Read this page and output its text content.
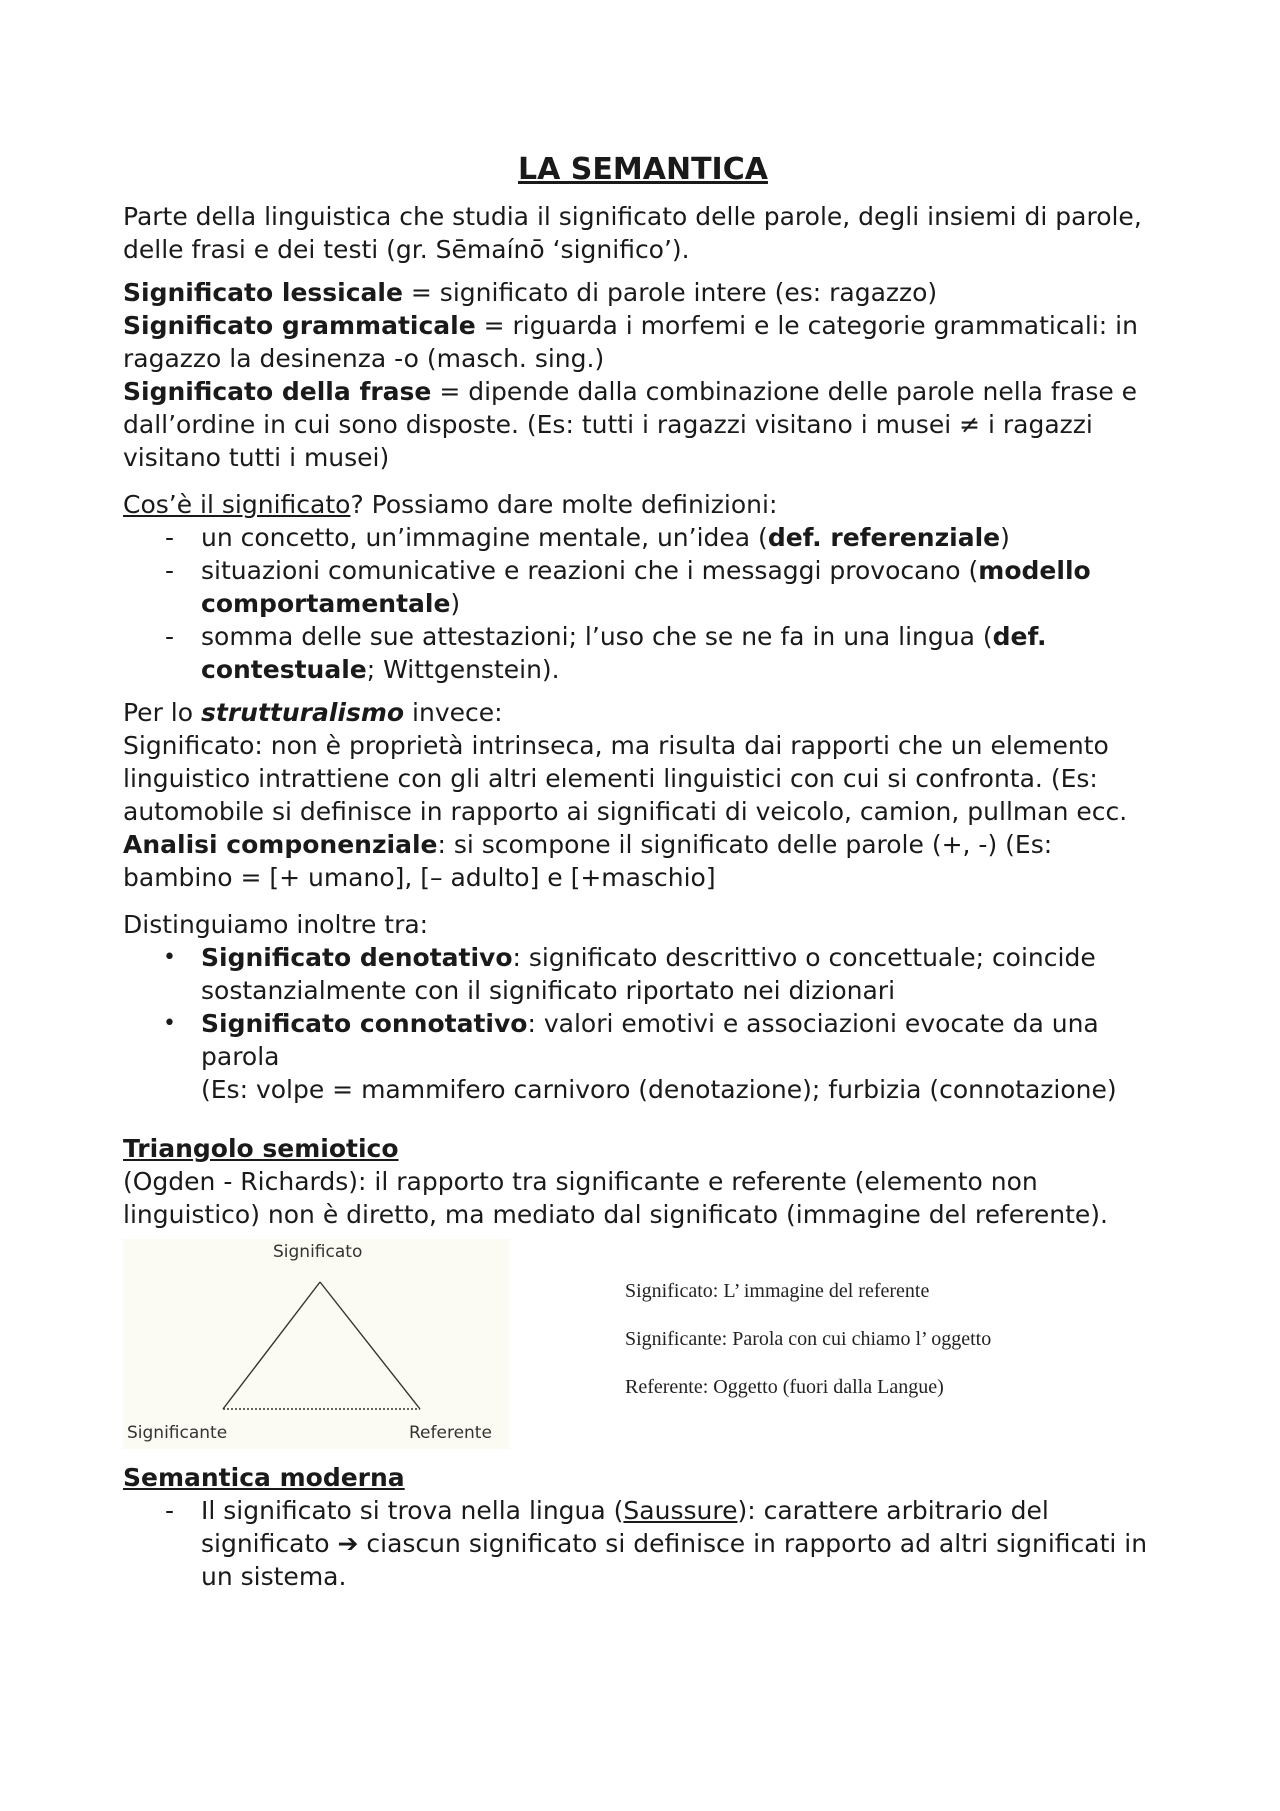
LA SEMANTICA

Parte della linguistica che studia il significato delle parole, degli insiemi di parole, delle frasi e dei testi (gr. Sēmaínō ‘significo’).

Significato lessicale = significato di parole intere (es: ragazzo)

Significato grammaticale = riguarda i morfemi e le categorie grammaticali: in ragazzo la desinenza -o (masch. sing.)

Significato della frase = dipende dalla combinazione delle parole nella frase e dall’ordine in cui sono disposte. (Es: tutti i ragazzi visitano i musei ≠ i ragazzi visitano tutti i musei)

Cos’è il significato? Possiamo dare molte definizioni:

- un concetto, un’immagine mentale, un’idea (def. referenziale)
- situazioni comunicative e reazioni che i messaggi provocano (modello comportamentale)
- somma delle sue attestazioni; l’uso che se ne fa in una lingua (def. contestuale; Wittgenstein).

Per lo strutturalismo invece:

Significato: non è proprietà intrinseca, ma risulta dai rapporti che un elemento linguistico intrattiene con gli altri elementi linguistici con cui si confronta. (Es: automobile si definisce in rapporto ai significati di veicolo, camion, pullman ecc.

Analisi componenziale: si scompone il significato delle parole (+, -) (Es: bambino = [+ umano], [– adulto] e [+maschio]

Distinguiamo inoltre tra:

• Significato denotativo: significato descrittivo o concettuale; coincide sostanzialmente con il significato riportato nei dizionari
• Significato connotativo: valori emotivi e associazioni evocate da una parola
(Es: volpe = mammifero carnivoro (denotazione); furbizia (connotazione)

Triangolo semiotico

(Ogden - Richards): il rapporto tra significante e referente (elemento non linguistico) non è diretto, ma mediato dal significato (immagine del referente).

Significato
Significante	Referente
Significato: L’ immagine del referente
Significante: Parola con cui chiamo l’ oggetto
Referente: Oggetto (fuori dalla Langue)

Semantica moderna

- Il significato si trova nella lingua (Saussure): carattere arbitrario del significato ➔ ciascun significato si definisce in rapporto ad altri significati in un sistema.
